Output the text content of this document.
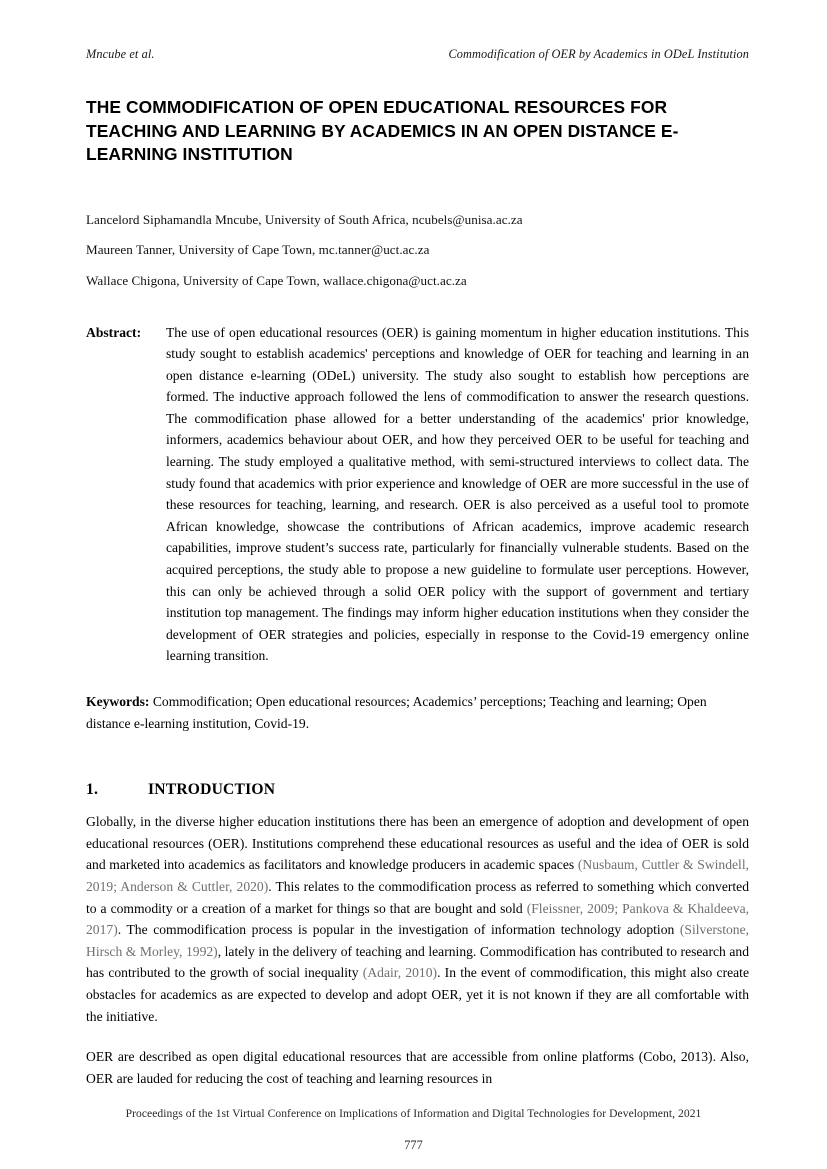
Mncube et al.	Commodification of OER by Academics in ODeL Institution
THE COMMODIFICATION OF OPEN EDUCATIONAL RESOURCES FOR TEACHING AND LEARNING BY ACADEMICS IN AN OPEN DISTANCE E-LEARNING INSTITUTION
Lancelord Siphamandla Mncube, University of South Africa, ncubels@unisa.ac.za
Maureen Tanner, University of Cape Town, mc.tanner@uct.ac.za
Wallace Chigona, University of Cape Town, wallace.chigona@uct.ac.za
Abstract: The use of open educational resources (OER) is gaining momentum in higher education institutions. This study sought to establish academics' perceptions and knowledge of OER for teaching and learning in an open distance e-learning (ODeL) university. The study also sought to establish how perceptions are formed. The inductive approach followed the lens of commodification to answer the research questions. The commodification phase allowed for a better understanding of the academics' prior knowledge, informers, academics behaviour about OER, and how they perceived OER to be useful for teaching and learning. The study employed a qualitative method, with semi-structured interviews to collect data. The study found that academics with prior experience and knowledge of OER are more successful in the use of these resources for teaching, learning, and research. OER is also perceived as a useful tool to promote African knowledge, showcase the contributions of African academics, improve academic research capabilities, improve student’s success rate, particularly for financially vulnerable students. Based on the acquired perceptions, the study able to propose a new guideline to formulate user perceptions. However, this can only be achieved through a solid OER policy with the support of government and tertiary institution top management. The findings may inform higher education institutions when they consider the development of OER strategies and policies, especially in response to the Covid-19 emergency online learning transition.
Keywords: Commodification; Open educational resources; Academics’ perceptions; Teaching and learning; Open distance e-learning institution, Covid-19.
1.	INTRODUCTION
Globally, in the diverse higher education institutions there has been an emergence of adoption and development of open educational resources (OER). Institutions comprehend these educational resources as useful and the idea of OER is sold and marketed into academics as facilitators and knowledge producers in academic spaces (Nusbaum, Cuttler & Swindell, 2019; Anderson & Cuttler, 2020). This relates to the commodification process as referred to something which converted to a commodity or a creation of a market for things so that are bought and sold (Fleissner, 2009; Pankova & Khaldeeva, 2017). The commodification process is popular in the investigation of information technology adoption (Silverstone, Hirsch & Morley, 1992), lately in the delivery of teaching and learning. Commodification has contributed to research and has contributed to the growth of social inequality (Adair, 2010). In the event of commodification, this might also create obstacles for academics as are expected to develop and adopt OER, yet it is not known if they are all comfortable with the initiative.
OER are described as open digital educational resources that are accessible from online platforms (Cobo, 2013). Also, OER are lauded for reducing the cost of teaching and learning resources in
Proceedings of the 1st Virtual Conference on Implications of Information and Digital Technologies for Development, 2021
777
